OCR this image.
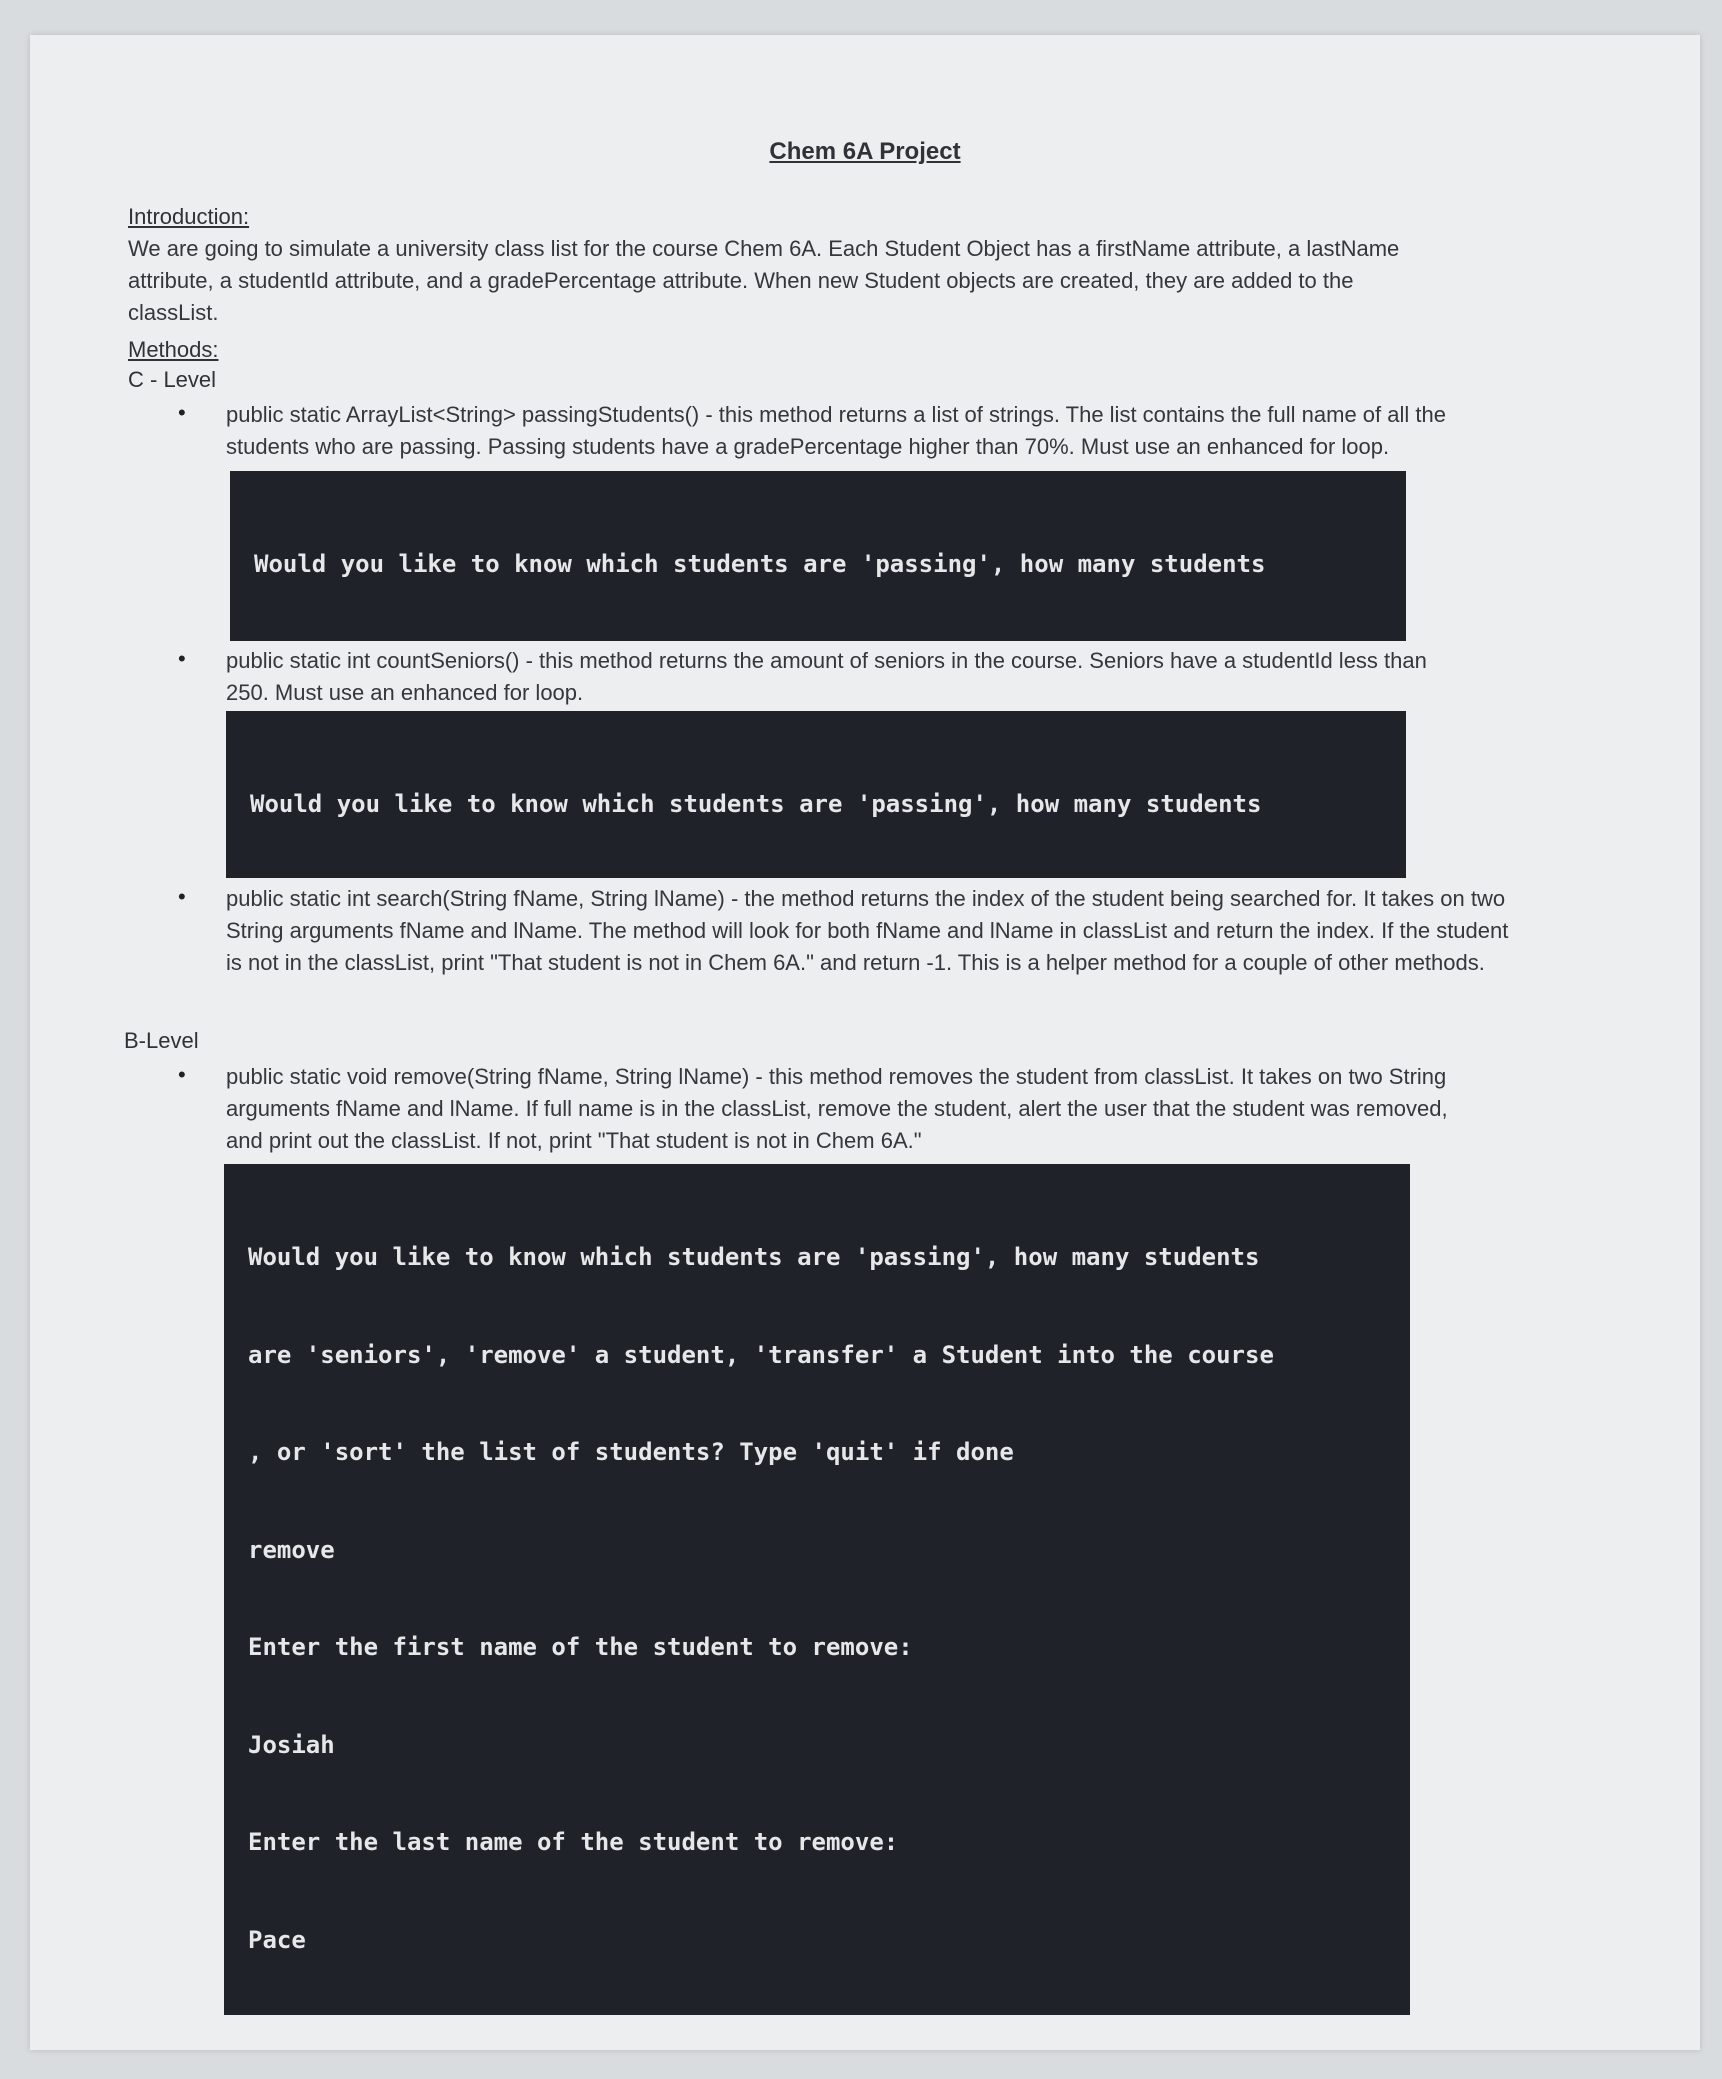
Chem 6A Project
Introduction:
We are going to simulate a university class list for the course Chem 6A. Each Student Object has a firstName attribute, a lastName
attribute, a studentId attribute, and a gradePercentage attribute. When new Student objects are created, they are added to the
classList.
Methods:
C - Level
• public static ArrayList<String> passingStudents() - this method returns a list of strings. The list contains the full name of all the
students who are passing. Passing students have a gradePercentage higher than 70%. Must use an enhanced for loop.

Would you like to know which students are 'passing', how many students

• public static int countSeniors() - this method returns the amount of seniors in the course. Seniors have a studentId less than
250. Must use an enhanced for loop.

Would you like to know which students are 'passing', how many students

• public static int search(String fName, String lName) - the method returns the index of the student being searched for. It takes on two
String arguments fName and lName. The method will look for both fName and lName in classList and return the index. If the student
is not in the classList, print "That student is not in Chem 6A." and return -1. This is a helper method for a couple of other methods.
B-Level
• public static void remove(String fName, String lName) - this method removes the student from classList. It takes on two String
arguments fName and lName. If full name is in the classList, remove the student, alert the user that the student was removed,
and print out the classList. If not, print "That student is not in Chem 6A."

Would you like to know which students are 'passing', how many students

are 'seniors', 'remove' a student, 'transfer' a Student into the course

, or 'sort' the list of students? Type 'quit' if done

remove

Enter the first name of the student to remove:

Josiah

Enter the last name of the student to remove:

Pace
